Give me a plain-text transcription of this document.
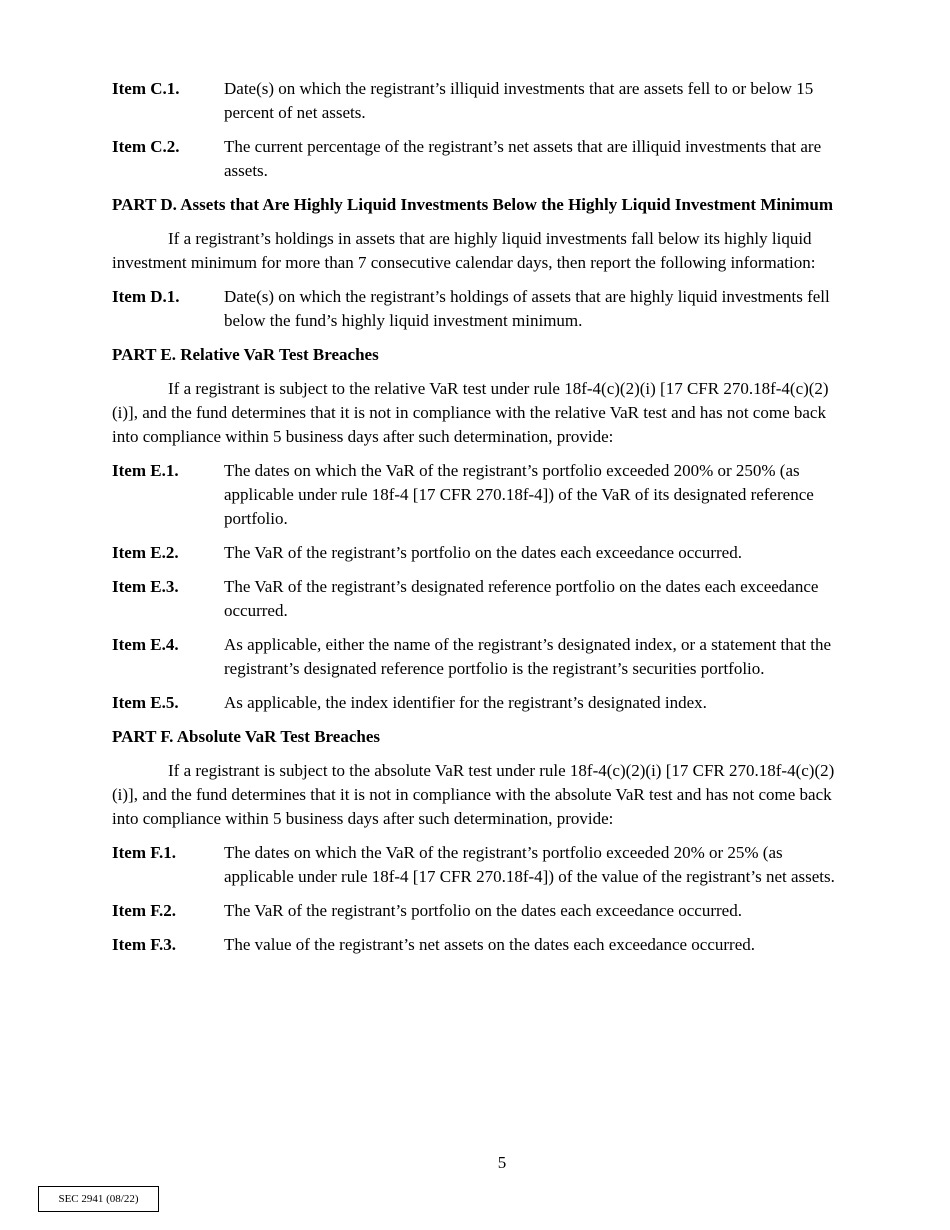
Item C.1.	Date(s) on which the registrant’s illiquid investments that are assets fell to or below 15 percent of net assets.
Item C.2.	The current percentage of the registrant’s net assets that are illiquid investments that are assets.
PART D. Assets that Are Highly Liquid Investments Below the Highly Liquid Investment Minimum
If a registrant’s holdings in assets that are highly liquid investments fall below its highly liquid investment minimum for more than 7 consecutive calendar days, then report the following information:
Item D.1.	Date(s) on which the registrant’s holdings of assets that are highly liquid investments fell below the fund’s highly liquid investment minimum.
PART E. Relative VaR Test Breaches
If a registrant is subject to the relative VaR test under rule 18f-4(c)(2)(i) [17 CFR 270.18f-4(c)(2)(i)], and the fund determines that it is not in compliance with the relative VaR test and has not come back into compliance within 5 business days after such determination, provide:
Item E.1.	The dates on which the VaR of the registrant’s portfolio exceeded 200% or 250% (as applicable under rule 18f-4 [17 CFR 270.18f-4]) of the VaR of its designated reference portfolio.
Item E.2.	The VaR of the registrant’s portfolio on the dates each exceedance occurred.
Item E.3.	The VaR of the registrant’s designated reference portfolio on the dates each exceedance occurred.
Item E.4.	As applicable, either the name of the registrant’s designated index, or a statement that the registrant’s designated reference portfolio is the registrant’s securities portfolio.
Item E.5.	As applicable, the index identifier for the registrant’s designated index.
PART F. Absolute VaR Test Breaches
If a registrant is subject to the absolute VaR test under rule 18f-4(c)(2)(i) [17 CFR 270.18f-4(c)(2)(i)], and the fund determines that it is not in compliance with the absolute VaR test and has not come back into compliance within 5 business days after such determination, provide:
Item F.1.	The dates on which the VaR of the registrant’s portfolio exceeded 20% or 25% (as applicable under rule 18f-4 [17 CFR 270.18f-4]) of the value of the registrant’s net assets.
Item F.2.	The VaR of the registrant’s portfolio on the dates each exceedance occurred.
Item F.3.	The value of the registrant’s net assets on the dates each exceedance occurred.
5
SEC 2941 (08/22)
